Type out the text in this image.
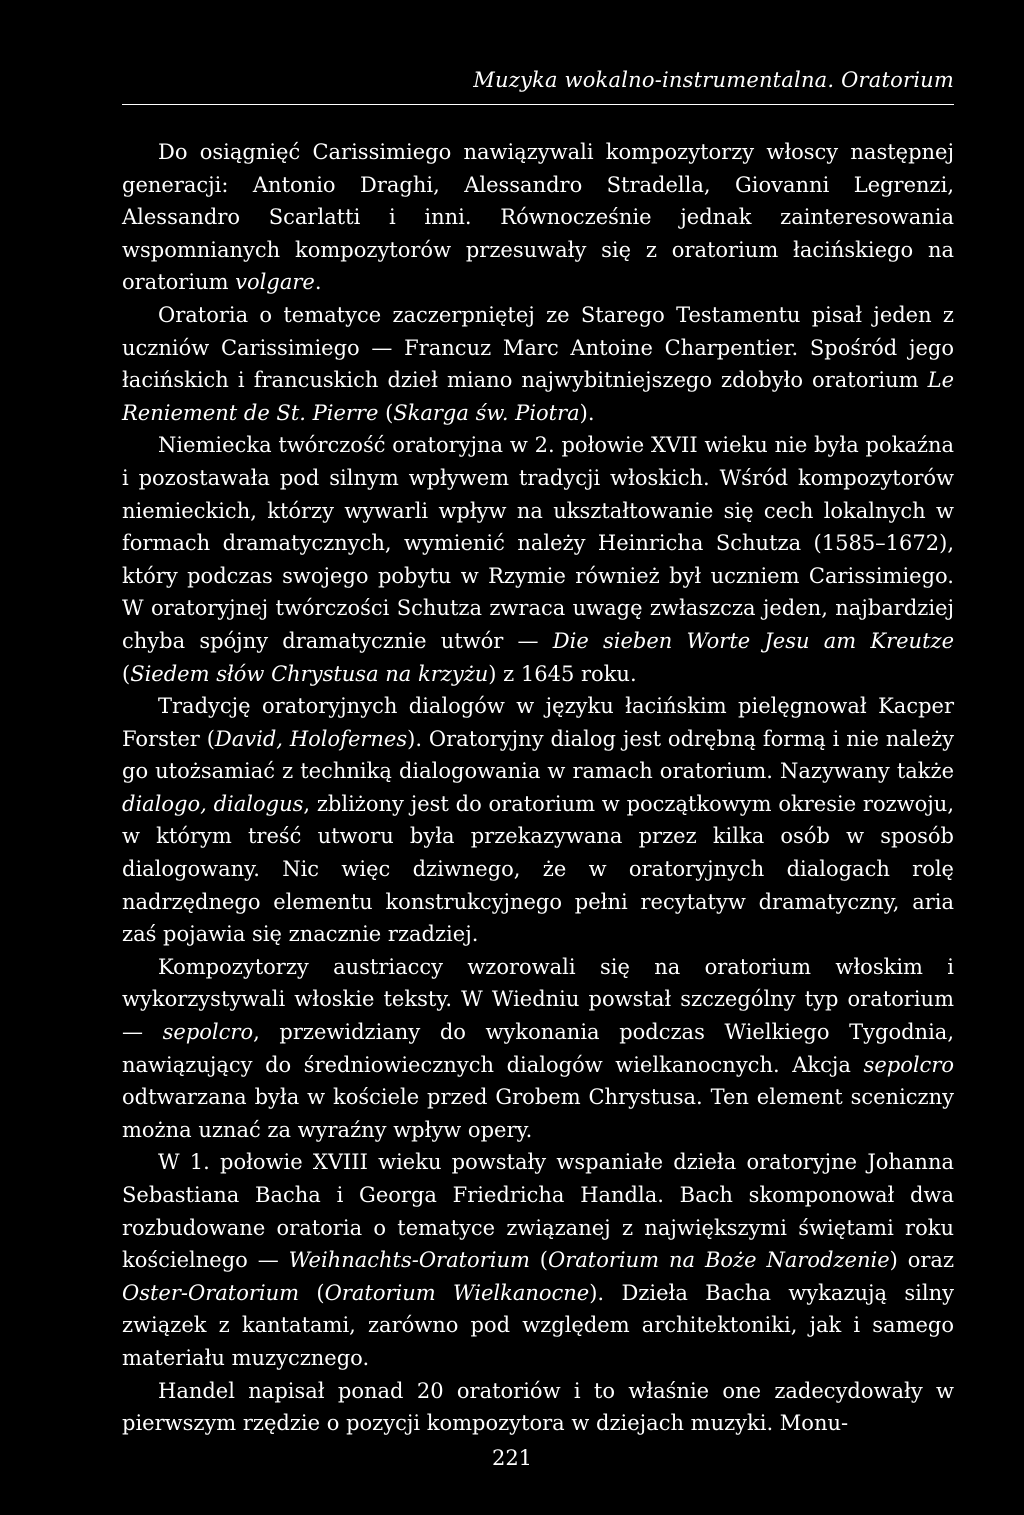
Muzyka wokalno-instrumentalna. Oratorium

Do osiągnięć Carissimiego nawiązywali kompozytorzy włoscy następnej generacji: Antonio Draghi, Alessandro Stradella, Giovanni Legrenzi, Alessandro Scarlatti i inni. Równocześnie jednak zainteresowania wspomnianych kompozytorów przesuwały się z oratorium łacińskiego na oratorium volgare.

Oratoria o tematyce zaczerpniętej ze Starego Testamentu pisał jeden z uczniów Carissimiego — Francuz Marc Antoine Charpentier. Spośród jego łacińskich i francuskich dzieł miano najwybitniejszego zdobyło oratorium Le Reniement de St. Pierre (Skarga św. Piotra).

Niemiecka twórczość oratoryjna w 2. połowie XVII wieku nie była pokaźna i pozostawała pod silnym wpływem tradycji włoskich. Wśród kompozytorów niemieckich, którzy wywarli wpływ na ukształtowanie się cech lokalnych w formach dramatycznych, wymienić należy Heinricha Schutza (1585–1672), który podczas swojego pobytu w Rzymie również był uczniem Carissimiego. W oratoryjnej twórczości Schutza zwraca uwagę zwłaszcza jeden, najbardziej chyba spójny dramatycznie utwór — Die sieben Worte Jesu am Kreutze (Siedem słów Chrystusa na krzyżu) z 1645 roku.

Tradycję oratoryjnych dialogów w języku łacińskim pielęgnował Kacper Forster (David, Holofernes). Oratoryjny dialog jest odrębną formą i nie należy go utożsamiać z techniką dialogowania w ramach oratorium. Nazywany także dialogo, dialogus, zbliżony jest do oratorium w początkowym okresie rozwoju, w którym treść utworu była przekazywana przez kilka osób w sposób dialogowany. Nic więc dziwnego, że w oratoryjnych dialogach rolę nadrzędnego elementu konstrukcyjnego pełni recytatyw dramatyczny, aria zaś pojawia się znacznie rzadziej.

Kompozytorzy austriaccy wzorowali się na oratorium włoskim i wykorzystywali włoskie teksty. W Wiedniu powstał szczególny typ oratorium — sepolcro, przewidziany do wykonania podczas Wielkiego Tygodnia, nawiązujący do średniowiecznych dialogów wielkanocnych. Akcja sepolcro odtwarzana była w kościele przed Grobem Chrystusa. Ten element sceniczny można uznać za wyraźny wpływ opery.

W 1. połowie XVIII wieku powstały wspaniałe dzieła oratoryjne Johanna Sebastiana Bacha i Georga Friedricha Handla. Bach skomponował dwa rozbudowane oratoria o tematyce związanej z największymi świętami roku kościelnego — Weihnachts-Oratorium (Oratorium na Boże Narodzenie) oraz Oster-Oratorium (Oratorium Wielkanocne). Dzieła Bacha wykazują silny związek z kantatami, zarówno pod względem architektoniki, jak i samego materiału muzycznego.

Handel napisał ponad 20 oratoriów i to właśnie one zadecydowały w pierwszym rzędzie o pozycji kompozytora w dziejach muzyki. Monu-

221
